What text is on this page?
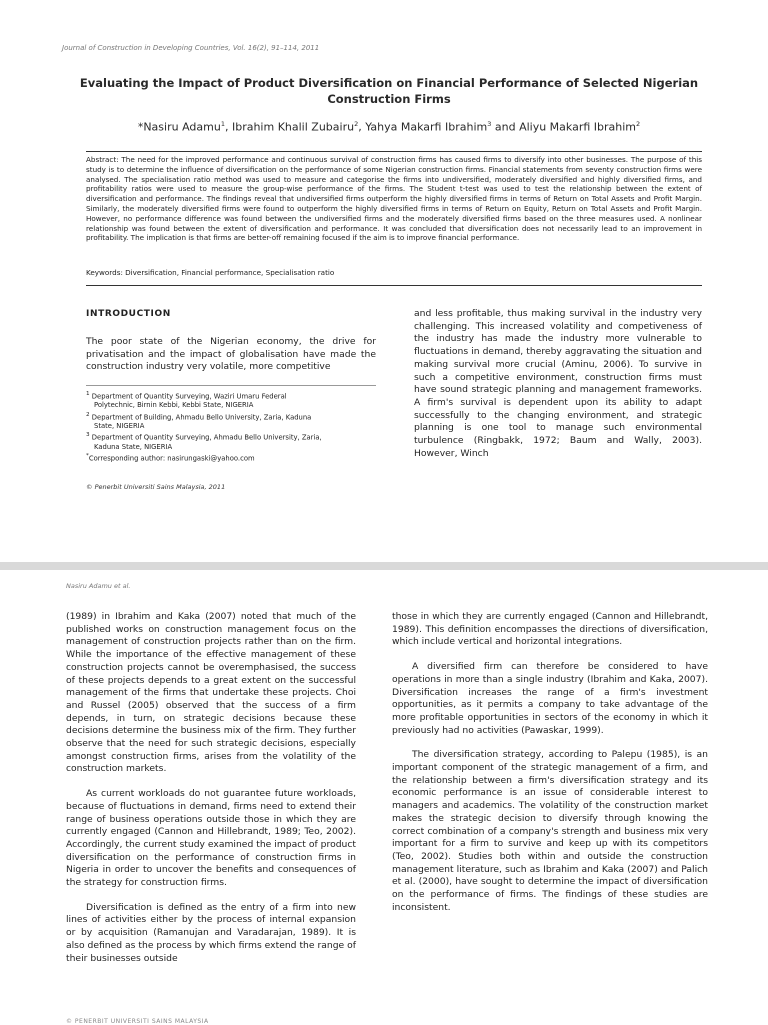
Journal of Construction in Developing Countries, Vol. 16(2), 91–114, 2011

Evaluating the Impact of Product Diversification on Financial Performance of Selected Nigerian Construction Firms

*Nasiru Adamu$^1$, Ibrahim Khalil Zubairu$^2$, Yahya Makarfi Ibrahim$^3$ and Aliyu Makarfi Ibrahim$^2$

Abstract: The need for the improved performance and continuous survival of construction firms has caused firms to diversify into other businesses. The purpose of this study is to determine the influence of diversification on the performance of some Nigerian construction firms. Financial statements from seventy construction firms were analysed. The specialisation ratio method was used to measure and categorise the firms into undiversified, moderately diversified and highly diversified firms, and profitability ratios were used to measure the group-wise performance of the firms. The Student t-test was used to test the relationship between the extent of diversification and performance. The findings reveal that undiversified firms outperform the highly diversified firms in terms of Return on Total Assets and Profit Margin. Similarly, the moderately diversified firms were found to outperform the highly diversified firms in terms of Return on Equity, Return on Total Assets and Profit Margin. However, no performance difference was found between the undiversified firms and the moderately diversified firms based on the three measures used. A nonlinear relationship was found between the extent of diversification and performance. It was concluded that diversification does not necessarily lead to an improvement in profitability. The implication is that firms are better-off remaining focused if the aim is to improve financial performance.

Keywords: Diversification, Financial performance, Specialisation ratio

INTRODUCTION

The poor state of the Nigerian economy, the drive for privatisation and the impact of globalisation have made the construction industry very volatile, more competitive

and less profitable, thus making survival in the industry very challenging. This increased volatility and competiveness of the industry has made the industry more vulnerable to fluctuations in demand, thereby aggravating the situation and making survival more crucial (Aminu, 2006). To survive in such a competitive environment, construction firms must have sound strategic planning and management frameworks. A firm's survival is dependent upon its ability to adapt successfully to the changing environment, and strategic planning is one tool to manage such environmental turbulence (Ringbakk, 1972; Baum and Wally, 2003). However, Winch

$^1$ Department of Quantity Surveying, Waziri Umaru Federal
Polytechnic, Birnin Kebbi, Kebbi State, NIGERIA
$^2$ Department of Building, Ahmadu Bello University, Zaria, Kaduna
State, NIGERIA
$^3$ Department of Quantity Surveying, Ahmadu Bello University, Zaria,
Kaduna State, NIGERIA
*Corresponding author: nasirungaski@yahoo.com

© Penerbit Universiti Sains Malaysia, 2011

Nasiru Adamu et al.

(1989) in Ibrahim and Kaka (2007) noted that much of the published works on construction management focus on the management of construction projects rather than on the firm. While the importance of the effective management of these construction projects cannot be overemphasised, the success of these projects depends to a great extent on the successful management of the firms that undertake these projects. Choi and Russel (2005) observed that the success of a firm depends, in turn, on strategic decisions because these decisions determine the business mix of the firm. They further observe that the need for such strategic decisions, especially amongst construction firms, arises from the volatility of the construction markets.

As current workloads do not guarantee future workloads, because of fluctuations in demand, firms need to extend their range of business operations outside those in which they are currently engaged (Cannon and Hillebrandt, 1989; Teo, 2002). Accordingly, the current study examined the impact of product diversification on the performance of construction firms in Nigeria in order to uncover the benefits and consequences of the strategy for construction firms.

Diversification is defined as the entry of a firm into new lines of activities either by the process of internal expansion or by acquisition (Ramanujan and Varadarajan, 1989). It is also defined as the process by which firms extend the range of their businesses outside

those in which they are currently engaged (Cannon and Hillebrandt, 1989). This definition encompasses the directions of diversification, which include vertical and horizontal integrations.

A diversified firm can therefore be considered to have operations in more than a single industry (Ibrahim and Kaka, 2007). Diversification increases the range of a firm's investment opportunities, as it permits a company to take advantage of the more profitable opportunities in sectors of the economy in which it previously had no activities (Pawaskar, 1999).

The diversification strategy, according to Palepu (1985), is an important component of the strategic management of a firm, and the relationship between a firm's diversification strategy and its economic performance is an issue of considerable interest to managers and academics. The volatility of the construction market makes the strategic decision to diversify through knowing the correct combination of a company's strength and business mix very important for a firm to survive and keep up with its competitors (Teo, 2002). Studies both within and outside the construction management literature, such as Ibrahim and Kaka (2007) and Palich et al. (2000), have sought to determine the impact of diversification on the performance of firms. The findings of these studies are inconsistent.

© PENERBIT UNIVERSITI SAINS MALAYSIA
